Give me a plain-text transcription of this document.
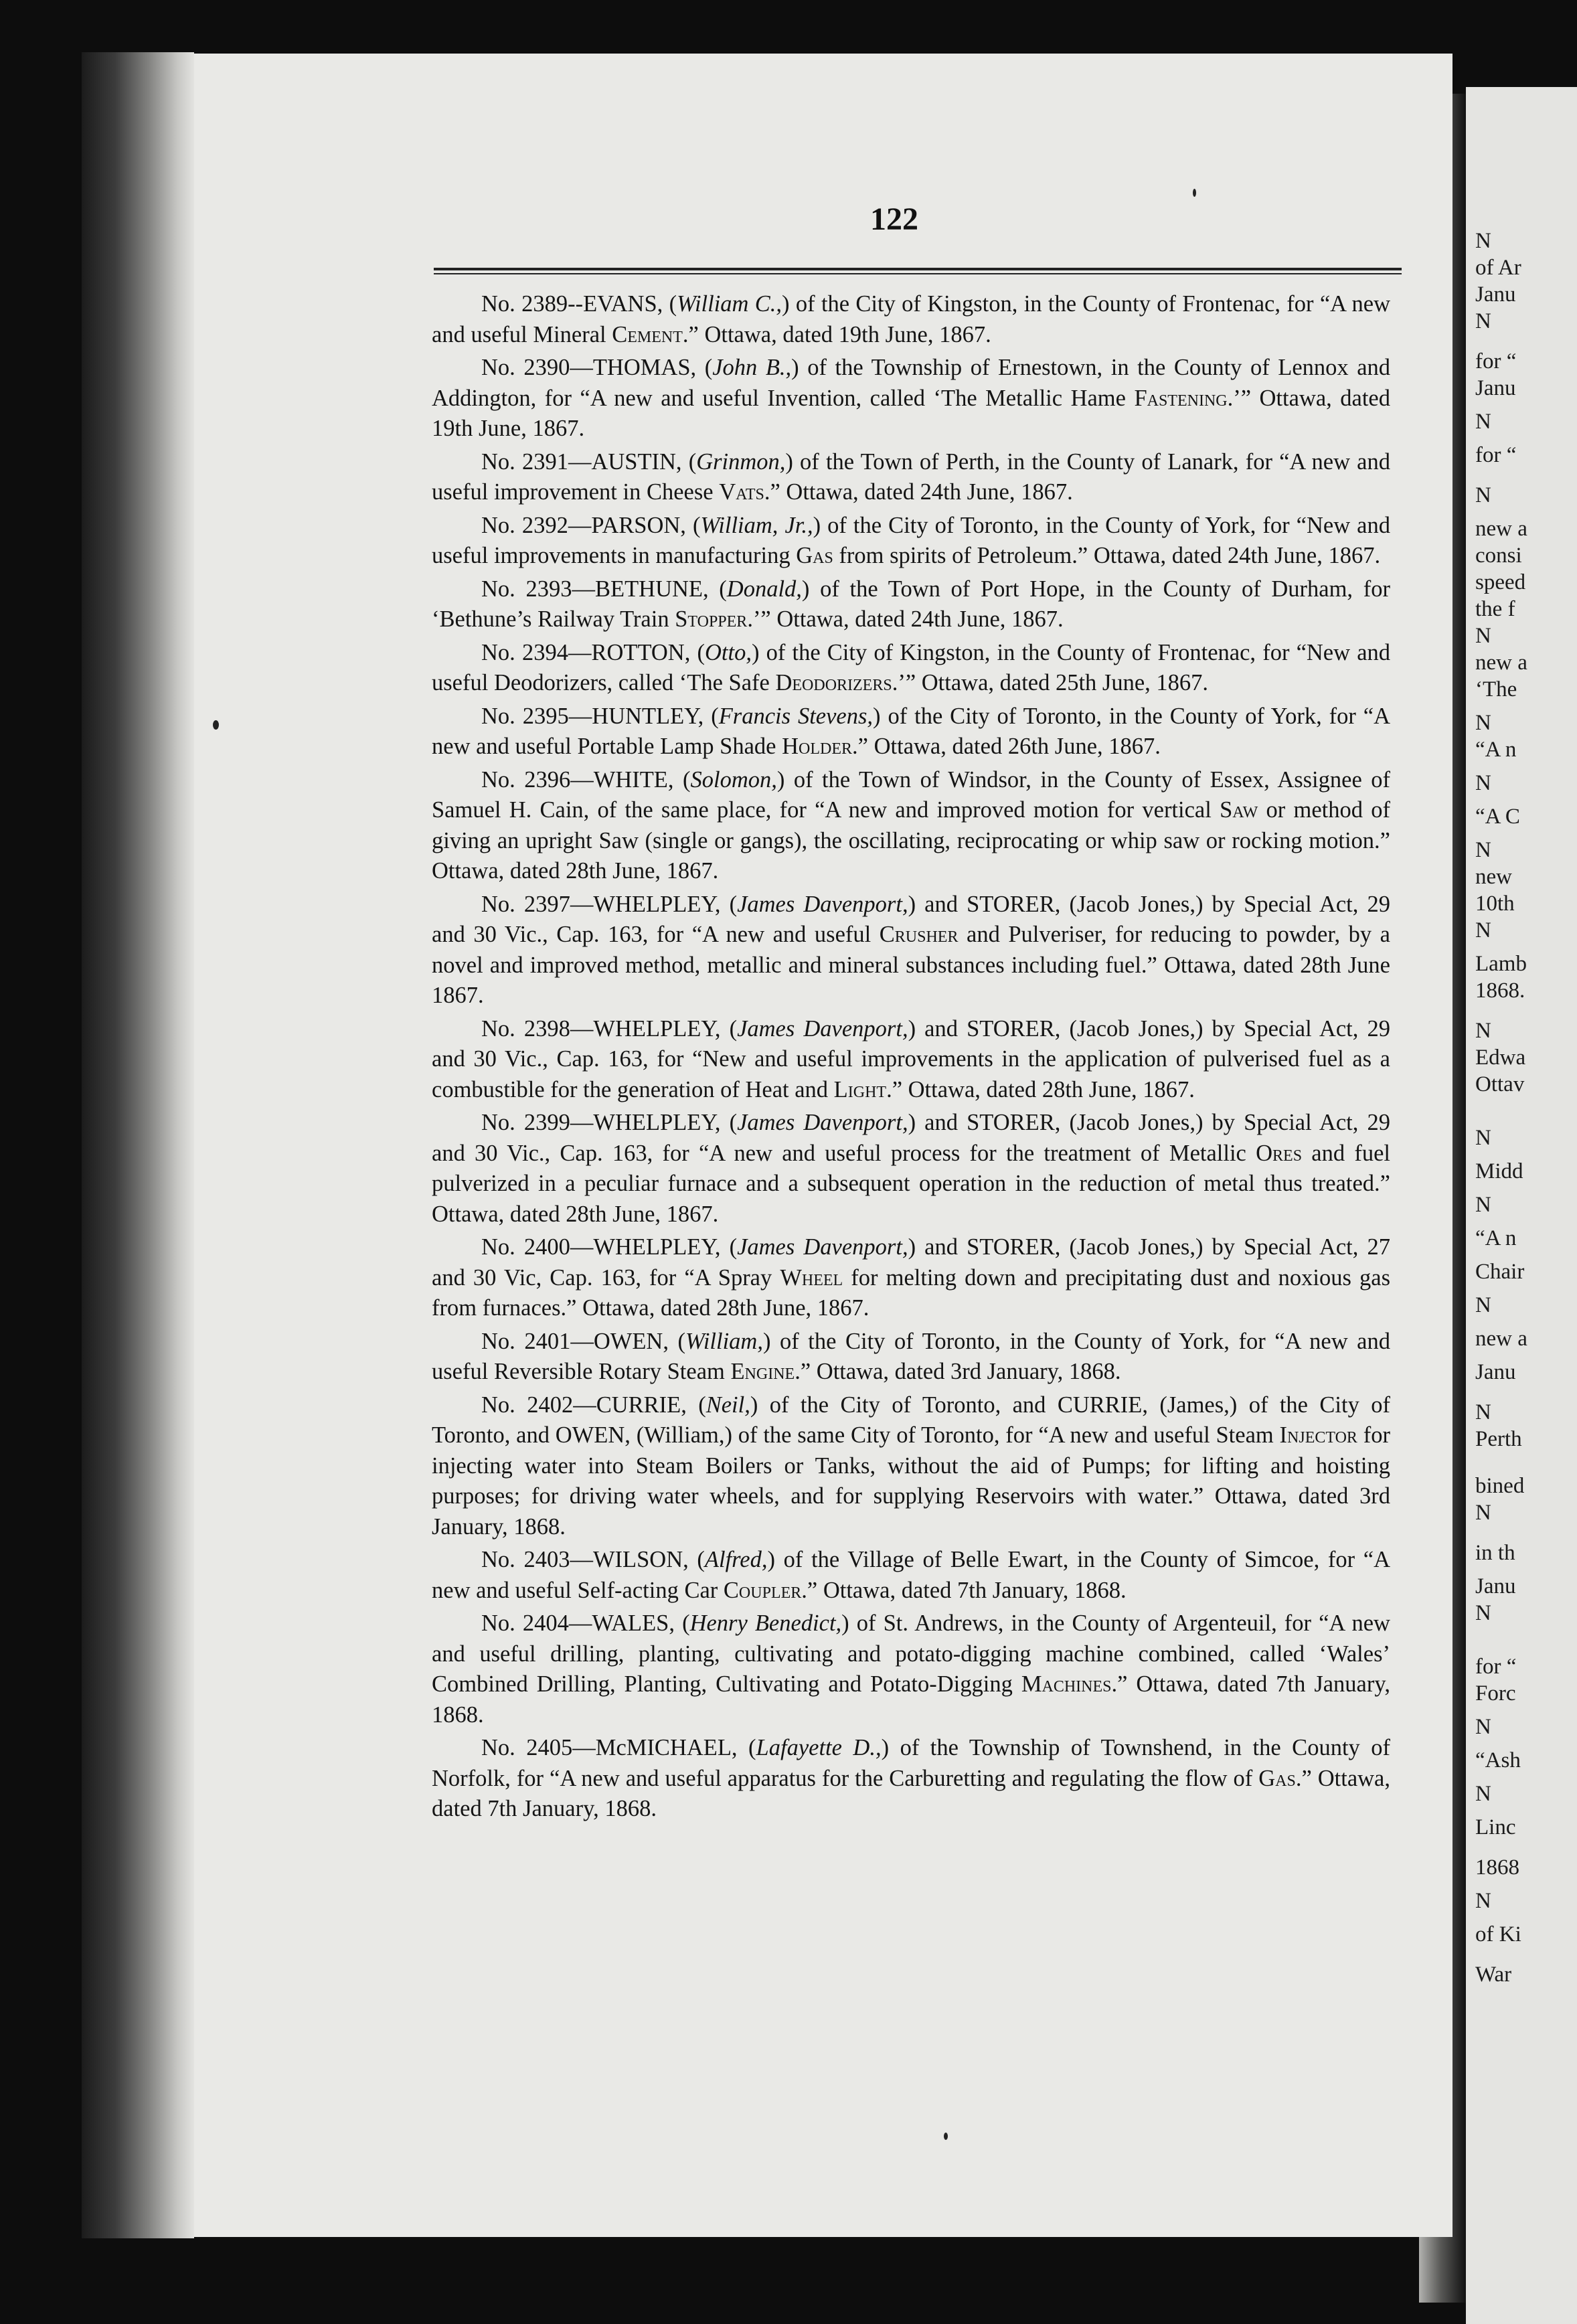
N
of Ar
Janu
N
for “
Janu
N
for “
N
new a
consi
speed
the f
N
new a
‘The
N
“A n
N
“A C
N
new
10th
N
Lamb
1868.
N
Edwa
Ottav
N
Midd
N
“A n
Chair
N
new a
Janu
N
Perth
bined
N
in th
Janu
N
for “
Forc
N
“Ash
N
Linc
1868
N
of Ki
War
122

No. 2389--EVANS, (William C.,) of the City of Kingston, in the County of Frontenac, for “A new and useful Mineral Cement.” Ottawa, dated 19th June, 1867.

No. 2390—THOMAS, (John B.,) of the Township of Ernestown, in the County of Lennox and Addington, for “A new and useful Invention, called ‘The Metallic Hame Fastening.’” Ottawa, dated 19th June, 1867.

No. 2391—AUSTIN, (Grinmon,) of the Town of Perth, in the County of Lanark, for “A new and useful improvement in Cheese Vats.” Ottawa, dated 24th June, 1867.

No. 2392—PARSON, (William, Jr.,) of the City of Toronto, in the County of York, for “New and useful improvements in manufacturing Gas from spirits of Petroleum.” Ottawa, dated 24th June, 1867.

No. 2393—BETHUNE, (Donald,) of the Town of Port Hope, in the County of Durham, for ‘Bethune’s Railway Train Stopper.’” Ottawa, dated 24th June, 1867.

No. 2394—ROTTON, (Otto,) of the City of Kingston, in the County of Frontenac, for “New and useful Deodorizers, called ‘The Safe Deodorizers.’” Ottawa, dated 25th June, 1867.

No. 2395—HUNTLEY, (Francis Stevens,) of the City of Toronto, in the County of York, for “A new and useful Portable Lamp Shade Holder.” Ottawa, dated 26th June, 1867.

No. 2396—WHITE, (Solomon,) of the Town of Windsor, in the County of Essex, Assignee of Samuel H. Cain, of the same place, for “A new and improved motion for vertical Saw or method of giving an upright Saw (single or gangs), the oscillating, reciprocating or whip saw or rocking motion.” Ottawa, dated 28th June, 1867.

No. 2397—WHELPLEY, (James Davenport,) and STORER, (Jacob Jones,) by Special Act, 29 and 30 Vic., Cap. 163, for “A new and useful Crusher and Pulveriser, for reducing to powder, by a novel and improved method, metallic and mineral substances including fuel.” Ottawa, dated 28th June 1867.

No. 2398—WHELPLEY, (James Davenport,) and STORER, (Jacob Jones,) by Special Act, 29 and 30 Vic., Cap. 163, for “New and useful improvements in the application of pulverised fuel as a combustible for the generation of Heat and Light.” Ottawa, dated 28th June, 1867.

No. 2399—WHELPLEY, (James Davenport,) and STORER, (Jacob Jones,) by Special Act, 29 and 30 Vic., Cap. 163, for “A new and useful process for the treatment of Metallic Ores and fuel pulverized in a peculiar furnace and a subsequent operation in the reduction of metal thus treated.” Ottawa, dated 28th June, 1867.

No. 2400—WHELPLEY, (James Davenport,) and STORER, (Jacob Jones,) by Special Act, 27 and 30 Vic, Cap. 163, for “A Spray Wheel for melting down and precipitating dust and noxious gas from furnaces.” Ottawa, dated 28th June, 1867.

No. 2401—OWEN, (William,) of the City of Toronto, in the County of York, for “A new and useful Reversible Rotary Steam Engine.” Ottawa, dated 3rd January, 1868.

No. 2402—CURRIE, (Neil,) of the City of Toronto, and CURRIE, (James,) of the City of Toronto, and OWEN, (William,) of the same City of Toronto, for “A new and useful Steam Injector for injecting water into Steam Boilers or Tanks, without the aid of Pumps; for lifting and hoisting purposes; for driving water wheels, and for supplying Reservoirs with water.” Ottawa, dated 3rd January, 1868.

No. 2403—WILSON, (Alfred,) of the Village of Belle Ewart, in the County of Simcoe, for “A new and useful Self-acting Car Coupler.” Ottawa, dated 7th January, 1868.

No. 2404—WALES, (Henry Benedict,) of St. Andrews, in the County of Argenteuil, for “A new and useful drilling, planting, cultivating and potato-digging machine combined, called ‘Wales’ Combined Drilling, Planting, Cultivating and Potato-Digging Machines.” Ottawa, dated 7th January, 1868.

No. 2405—McMICHAEL, (Lafayette D.,) of the Township of Townshend, in the County of Norfolk, for “A new and useful apparatus for the Carburetting and regulating the flow of Gas.” Ottawa, dated 7th January, 1868.
